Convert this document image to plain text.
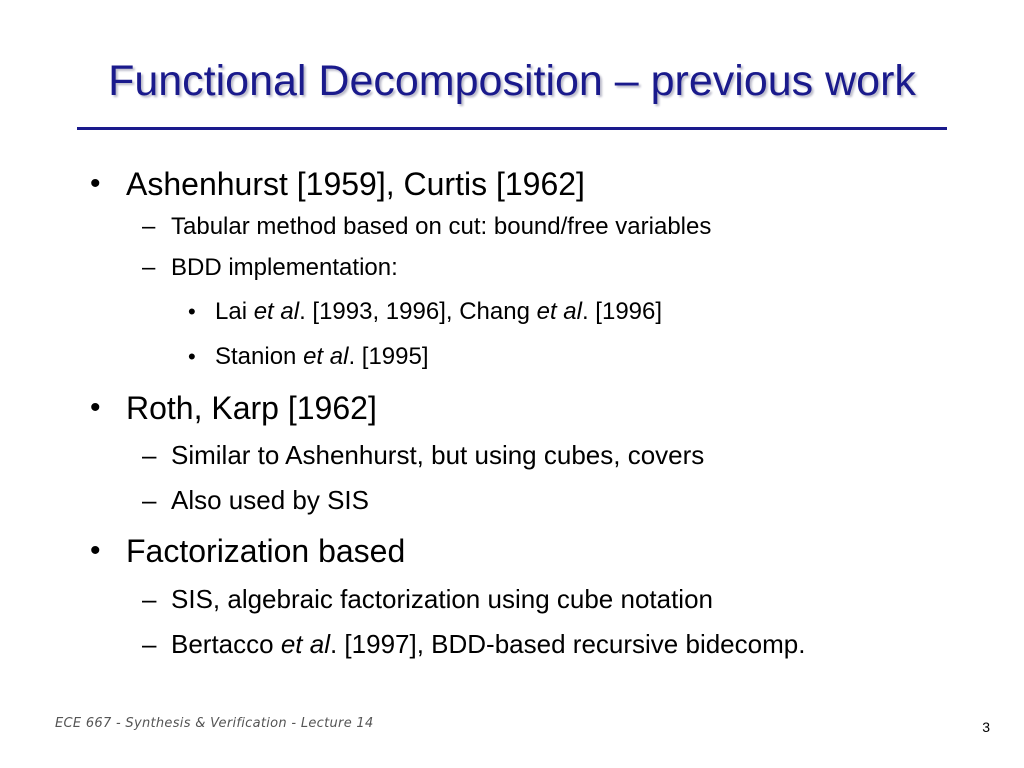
Functional Decomposition – previous work
• Ashenhurst [1959], Curtis [1962]
– Tabular method based on cut: bound/free variables
– BDD implementation:
• Lai et al. [1993, 1996], Chang et al. [1996]
• Stanion et al. [1995]
• Roth, Karp [1962]
– Similar to Ashenhurst, but using cubes, covers
– Also used by SIS
• Factorization based
– SIS, algebraic factorization using cube notation
– Bertacco et al. [1997], BDD-based recursive bidecomp.
ECE 667 - Synthesis & Verification - Lecture 14	3
